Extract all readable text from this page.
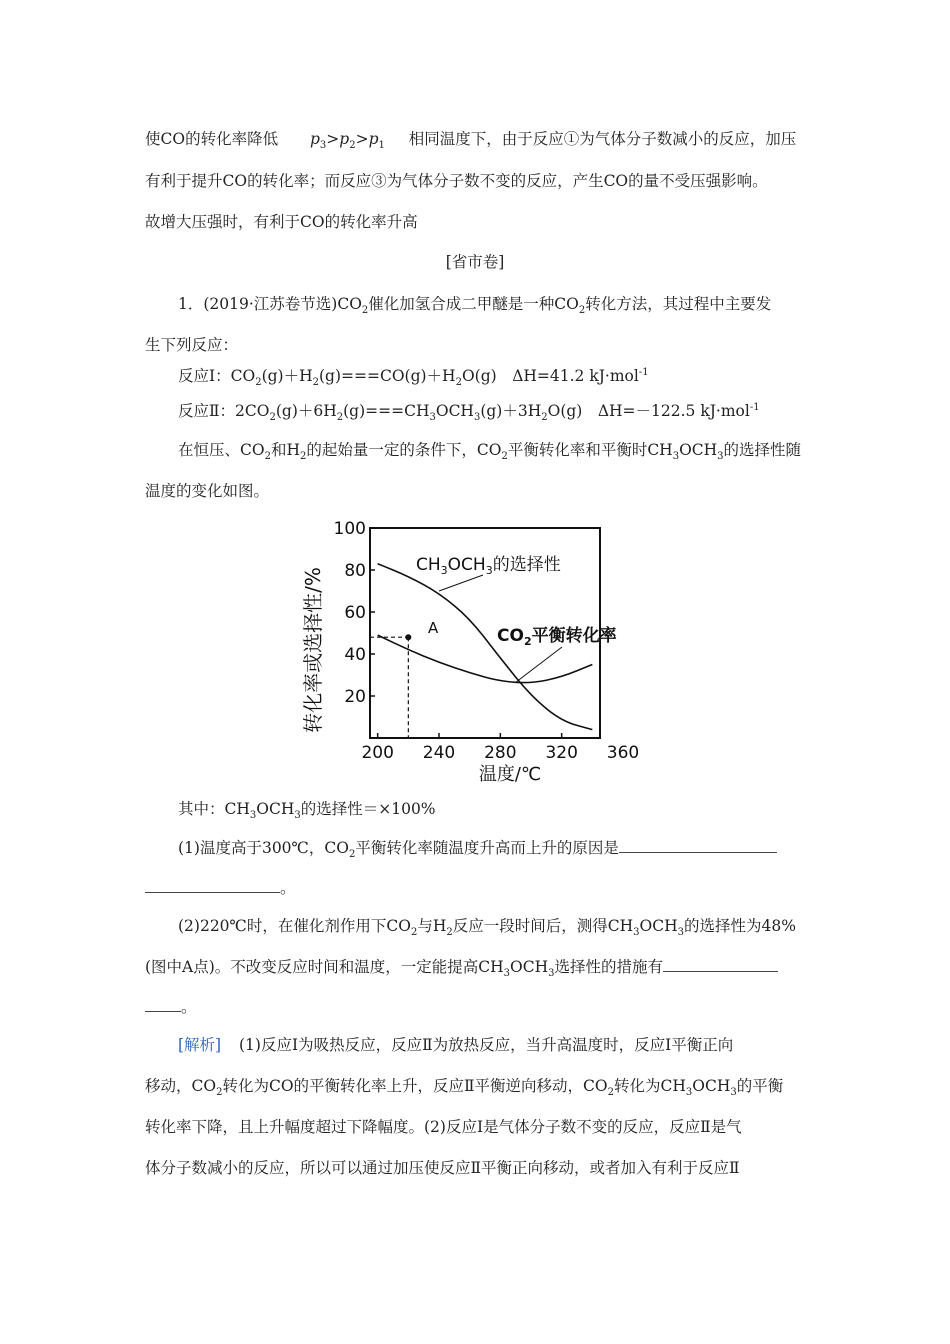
使CO的转化率降低 $p_3>p_2>p_1$ 相同温度下，由于反应①为气体分子数减小的反应，加压
有利于提升CO的转化率；而反应③为气体分子数不变的反应，产生CO的量不受压强影响。
故增大压强时，有利于CO的转化率升高
[省市卷]
1．(2019·江苏卷节选)$CO_2$催化加氢合成二甲醚是一种$CO_2$转化方法，其过程中主要发
生下列反应：
反应Ⅰ：$CO_2(g)+H_2(g)===CO(g)+H_2O(g)$　ΔH=41.2 kJ·mol$^{-1}$
反应Ⅱ：$2CO_2(g)+6H_2(g)===CH_3OCH_3(g)+3H_2O(g)$　ΔH=－122.5 kJ·mol$^{-1}$
在恒压、$CO_2$和$H_2$的起始量一定的条件下，$CO_2$平衡转化率和平衡时$CH_3OCH_3$的选择性随
温度的变化如图。
20
40
60
80
100
200 240 280 320 360
转化率或选择性/%
温度/℃
$CH_3OCH_3$的选择性
$CO_2$平衡转化率
A
其中：$CH_3OCH_3$的选择性＝×100%
(1)温度高于300℃，$CO_2$平衡转化率随温度升高而上升的原因是
。
(2)220℃时，在催化剂作用下$CO_2$与$H_2$反应一段时间后，测得$CH_3OCH_3$的选择性为48%
(图中A点)。不改变反应时间和温度，一定能提高$CH_3OCH_3$选择性的措施有
。
[解析] (1)反应Ⅰ为吸热反应，反应Ⅱ为放热反应，当升高温度时，反应Ⅰ平衡正向
移动，$CO_2$转化为CO的平衡转化率上升，反应Ⅱ平衡逆向移动，$CO_2$转化为$CH_3OCH_3$的平衡
转化率下降，且上升幅度超过下降幅度。(2)反应Ⅰ是气体分子数不变的反应，反应Ⅱ是气
体分子数减小的反应，所以可以通过加压使反应Ⅱ平衡正向移动，或者加入有利于反应Ⅱ
